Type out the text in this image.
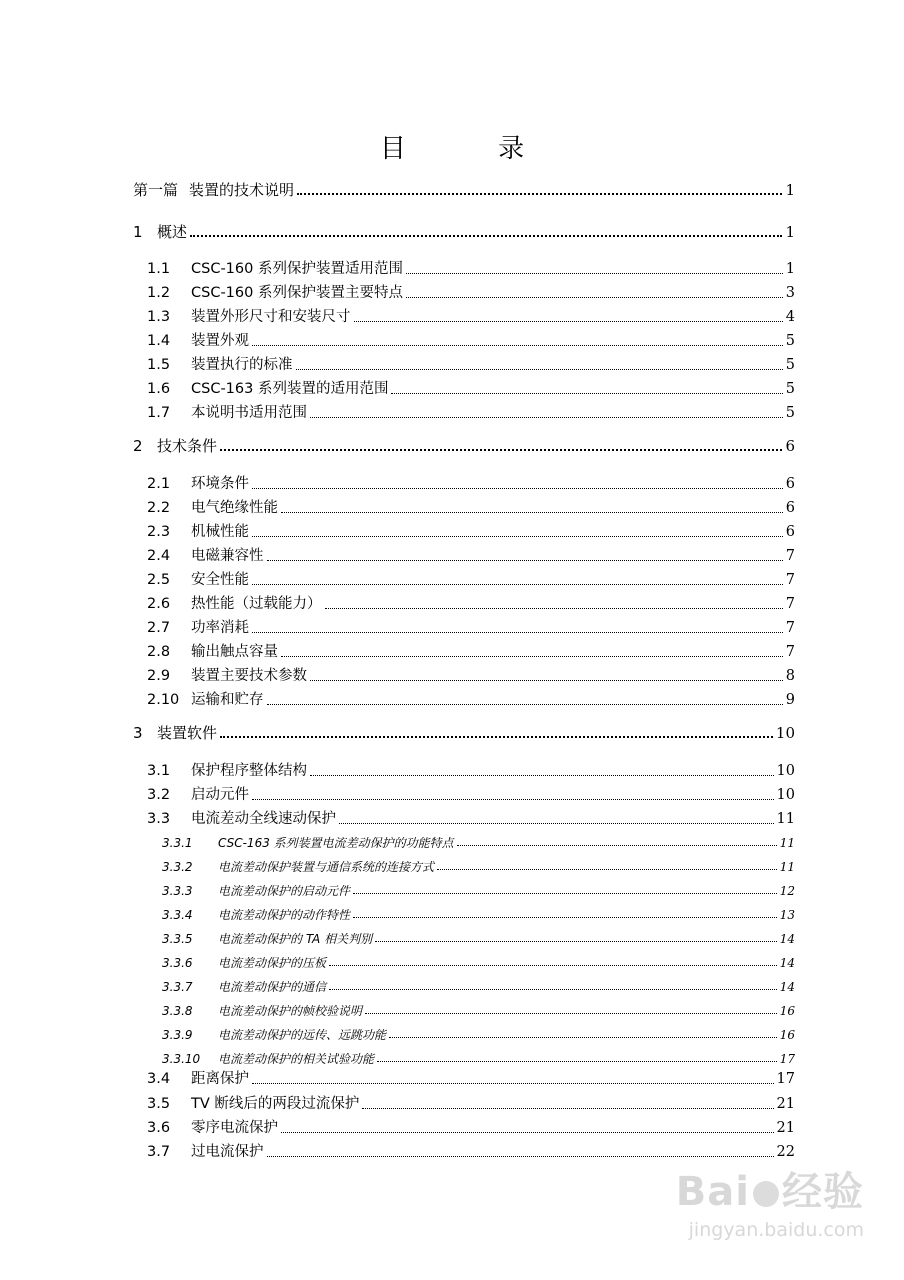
目 录
第一篇 装置的技术说明	1
1 概述	1
1.1	CSC-160 系列保护装置适用范围	1
1.2	CSC-160 系列保护装置主要特点	3
1.3	装置外形尺寸和安装尺寸	4
1.4	装置外观	5
1.5	装置执行的标准	5
1.6	CSC-163 系列装置的适用范围	5
1.7	本说明书适用范围	5
2 技术条件	6
2.1	环境条件	6
2.2	电气绝缘性能	6
2.3	机械性能	6
2.4	电磁兼容性	7
2.5	安全性能	7
2.6	热性能（过载能力）	7
2.7	功率消耗	7
2.8	输出触点容量	7
2.9	装置主要技术参数	8
2.10 运输和贮存	9
3 装置软件	10
3.1	保护程序整体结构	10
3.2	启动元件	10
3.3	电流差动全线速动保护	11
3.3.1	CSC-163 系列装置电流差动保护的功能特点	11
3.3.2	电流差动保护装置与通信系统的连接方式	11
3.3.3	电流差动保护的启动元件	12
3.3.4	电流差动保护的动作特性	13
3.3.5	电流差动保护的 TA 相关判别	14
3.3.6	电流差动保护的压板	14
3.3.7	电流差动保护的通信	14
3.3.8	电流差动保护的帧校验说明	16
3.3.9	电流差动保护的远传、远跳功能	16
3.3.10	电流差动保护的相关试验功能	17
3.4	距离保护	17
3.5	TV 断线后的两段过流保护	21
3.6	零序电流保护	21
3.7	过电流保护	22
Bai 经验
jingyan.baidu.com
